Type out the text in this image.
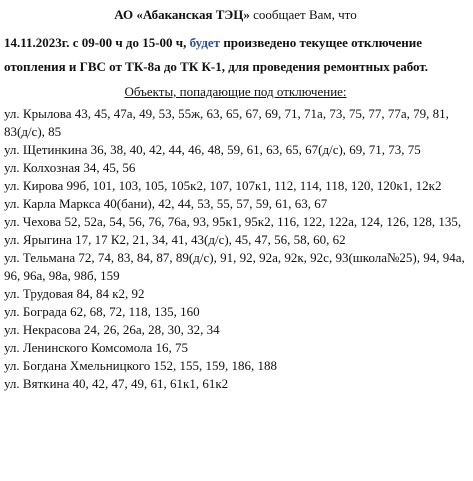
АО «Абаканская ТЭЦ» сообщает Вам, что

14.11.2023г. с 09-00 ч до 15-00 ч, будет произведено текущее отключение отопления и ГВС от ТК-8а до ТК К-1, для проведения ремонтных работ.

Объекты, попадающие под отключение:
ул. Крылова 43, 45, 47а, 49, 53, 55ж, 63, 65, 67, 69, 71, 71а, 73, 75, 77, 77а, 79, 81, 83(д/с), 85
ул. Щетинкина 36, 38, 40, 42, 44, 46, 48, 59, 61, 63, 65, 67(д/с), 69, 71, 73, 75
ул. Колхозная 34, 45, 56
ул. Кирова 99б, 101, 103, 105, 105к2, 107, 107к1, 112, 114, 118, 120, 120к1, 12к2
ул. Карла Маркса 40(бани), 42, 44, 53, 55, 57, 59, 61, 63, 67
ул. Чехова 52, 52а, 54, 56, 76, 76а, 93, 95к1, 95к2, 116, 122, 122а, 124, 126, 128, 135,
ул. Ярыгина 17, 17 К2, 21, 34, 41, 43(д/с), 45, 47, 56, 58, 60, 62
ул. Тельмана 72, 74, 83, 84, 87, 89(д/с), 91, 92, 92а, 92к, 92с, 93(школа№25), 94, 94а, 96, 96а, 98а, 98б, 159
ул. Трудовая 84, 84 к2, 92
ул. Бограда 62, 68, 72, 118, 135, 160
ул. Некрасова 24, 26, 26а, 28, 30, 32, 34
ул. Ленинского Комсомола 16, 75
ул. Богдана Хмельницкого 152, 155, 159, 186, 188
ул. Вяткина 40, 42, 47, 49, 61, 61к1, 61к2
